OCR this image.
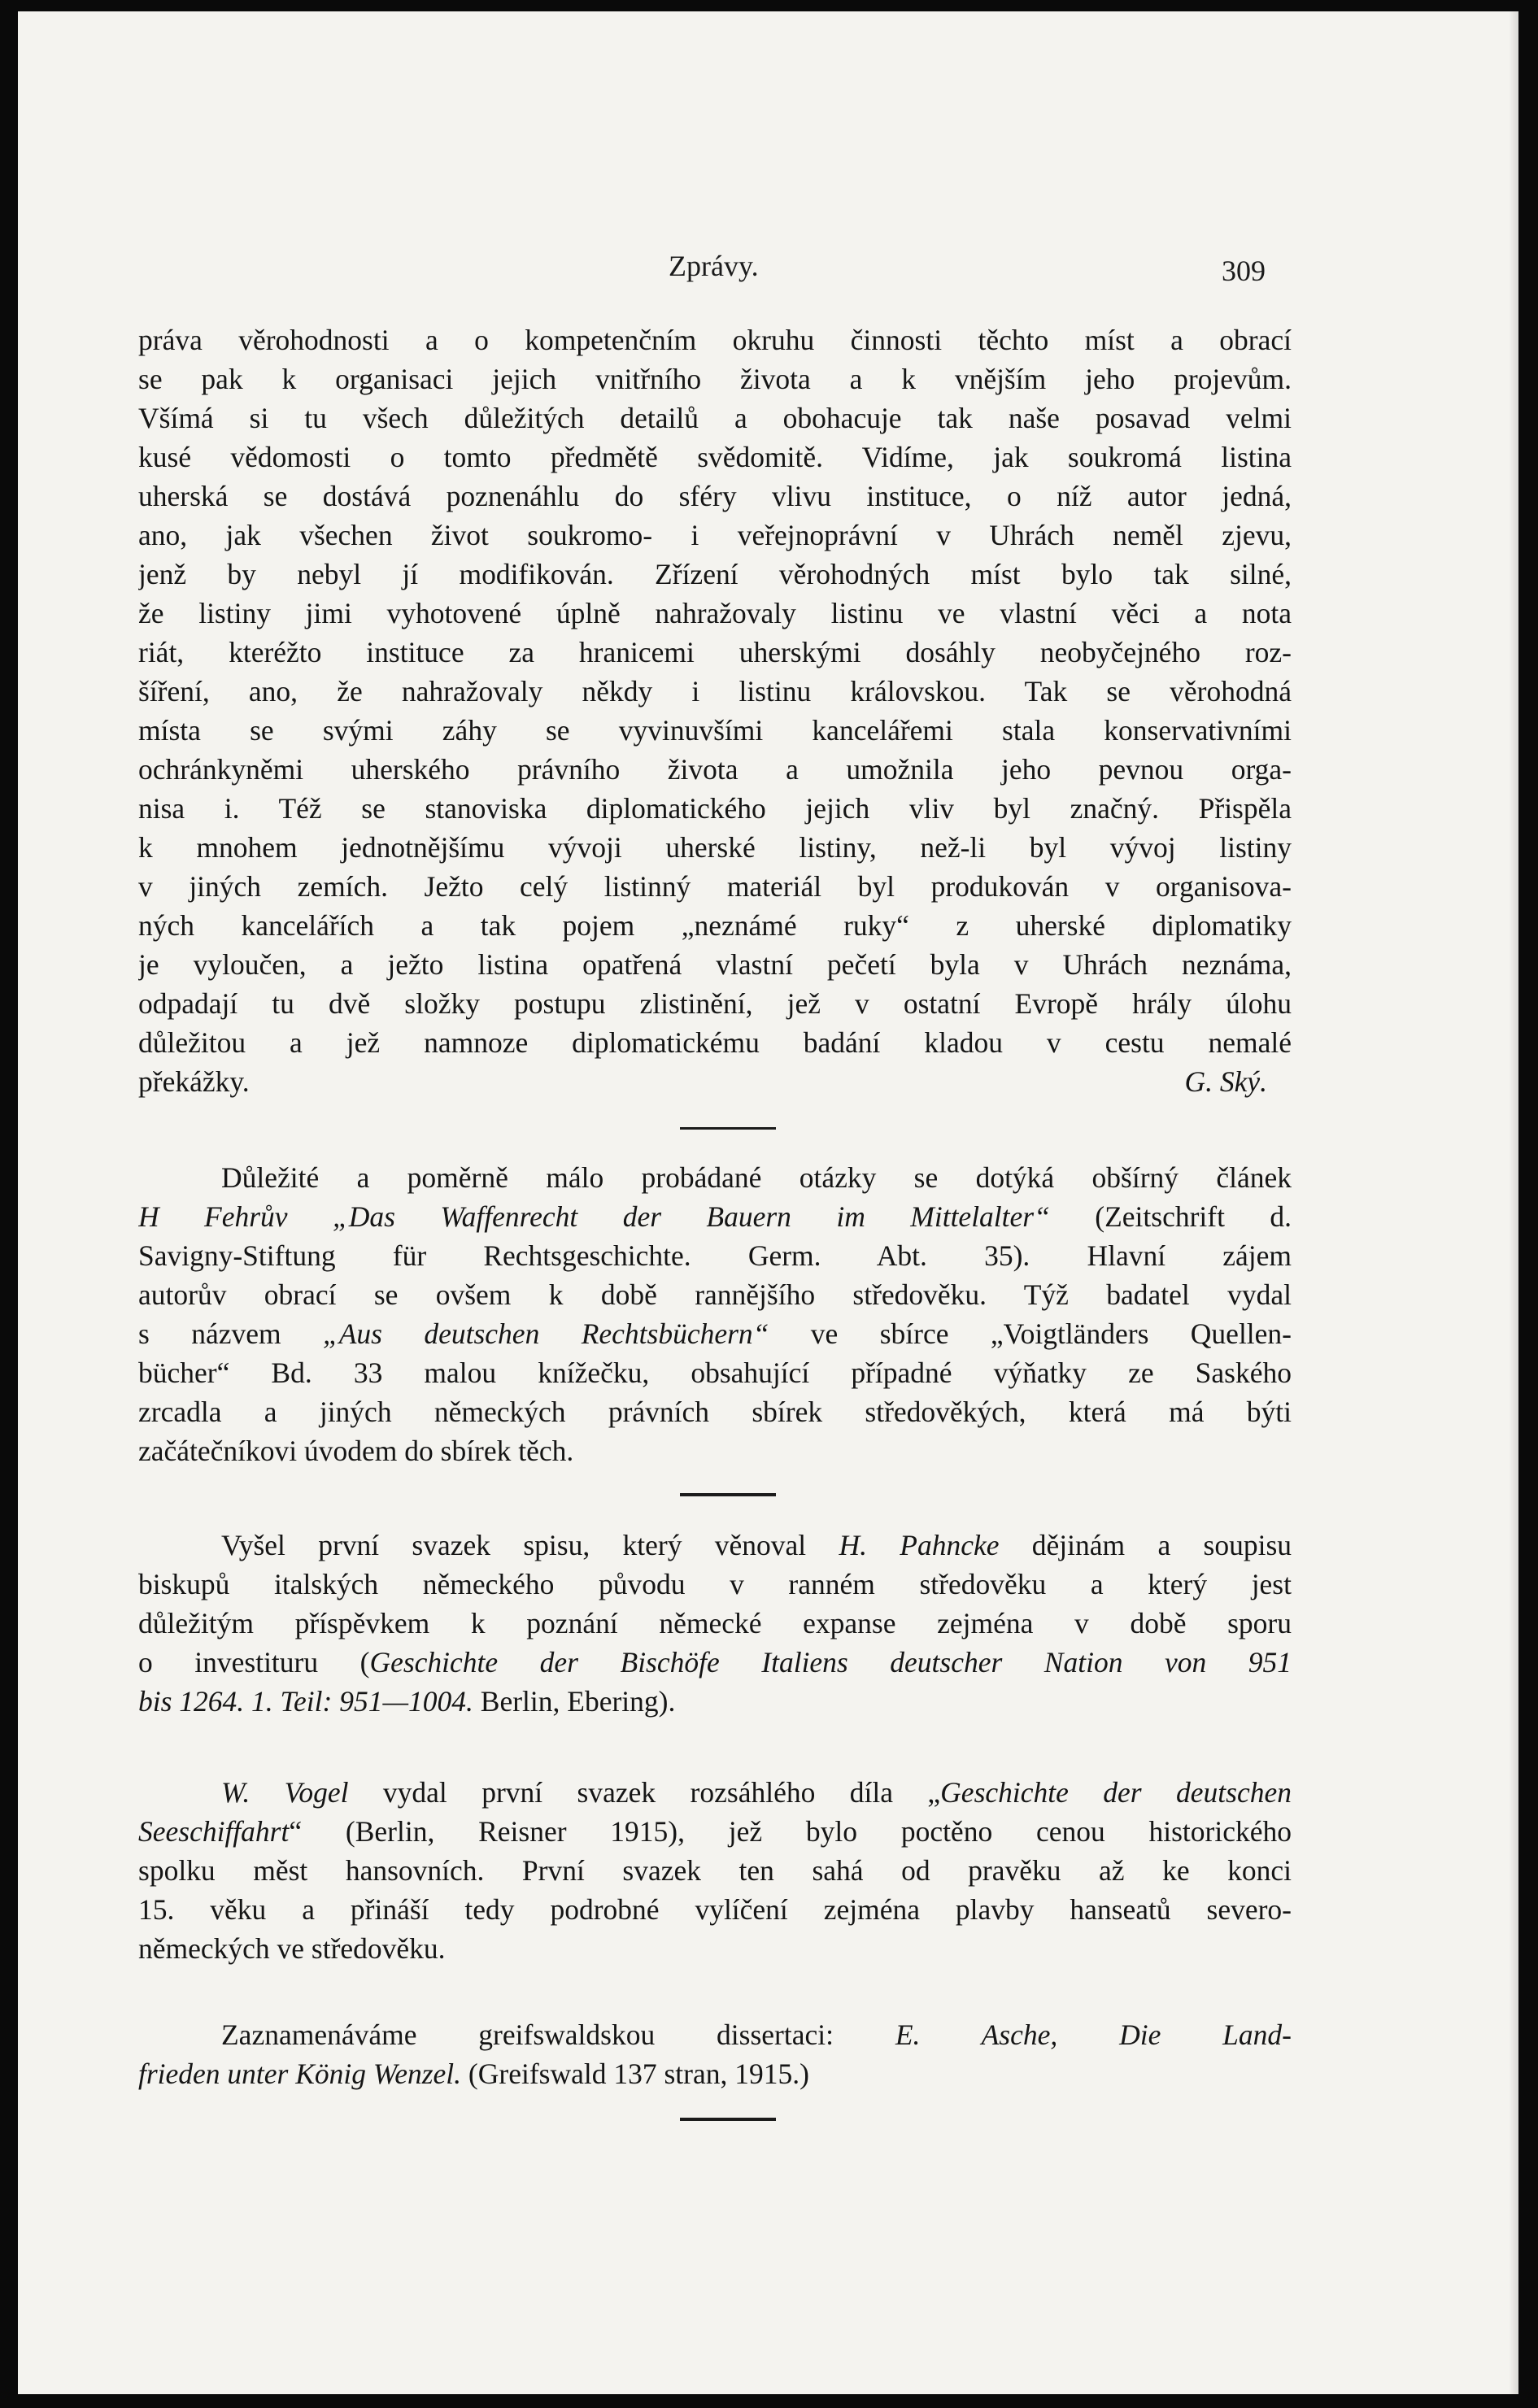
Zprávy.	309
práva věrohodnosti a o kompetenčním okruhu činnosti těchto míst a obrací
se pak k organisaci jejich vnitřního života a k vnějším jeho projevům.
Všímá si tu všech důležitých detailů a obohacuje tak naše posavad velmi
kusé vědomosti o tomto předmětě svědomitě. Vidíme, jak soukromá listina
uherská se dostává poznenáhlu do sféry vlivu instituce, o níž autor jedná,
ano, jak všechen život soukromo- i veřejnoprávní v Uhrách neměl zjevu,
jenž by nebyl jí modifikován. Zřízení věrohodných míst bylo tak silné,
že listiny jimi vyhotovené úplně nahražovaly listinu ve vlastní věci a nota
riát, kteréžto instituce za hranicemi uherskými dosáhly neobyčejného roz-
šíření, ano, že nahražovaly někdy i listinu královskou. Tak se věrohodná
místa se svými záhy se vyvinuvšími kancelářemi stala konservativními
ochránkyněmi uherského právního života a umožnila jeho pevnou orga-
nisa i. Též se stanoviska diplomatického jejich vliv byl značný. Přispěla
k mnohem jednotnějšímu vývoji uherské listiny, než-li byl vývoj listiny
v jiných zemích. Ježto celý listinný materiál byl produkován v organisova-
ných kancelářích a tak pojem „neznámé ruky“ z uherské diplomatiky
je vyloučen, a ježto listina opatřená vlastní pečetí byla v Uhrách neznáma,
odpadají tu dvě složky postupu zlistinění, jež v ostatní Evropě hrály úlohu
důležitou a jež namnoze diplomatickému badání kladou v cestu nemalé
překážky.	G. Ský.
Důležité a poměrně málo probádané otázky se dotýká obšírný článek
H Fehrův „Das Waffenrecht der Bauern im Mittelalter“ (Zeitschrift d.
Savigny-Stiftung für Rechtsgeschichte. Germ. Abt. 35). Hlavní zájem
autorův obrací se ovšem k době rannějšího středověku. Týž badatel vydal
s názvem „Aus deutschen Rechtsbüchern“ ve sbírce „Voigtländers Quellen-
bücher“ Bd. 33 malou knížečku, obsahující případné výňatky ze Saského
zrcadla a jiných německých právních sbírek středověkých, která má býti
začátečníkovi úvodem do sbírek těch.
Vyšel první svazek spisu, který věnoval H. Pahncke dějinám a soupisu
biskupů italských německého původu v ranném středověku a který jest
důležitým příspěvkem k poznání německé expanse zejména v době sporu
o investituru (Geschichte der Bischöfe Italiens deutscher Nation von 951
bis 1264. 1. Teil: 951—1004. Berlin, Ebering).
W. Vogel vydal první svazek rozsáhlého díla „Geschichte der deutschen
Seeschiffahrt“ (Berlin, Reisner 1915), jež bylo poctěno cenou historického
spolku měst hansovních. První svazek ten sahá od pravěku až ke konci
15. věku a přináší tedy podrobné vylíčení zejména plavby hanseatů severo-
německých ve středověku.
Zaznamenáváme greifswaldskou dissertaci: E. Asche, Die Land-
frieden unter König Wenzel. (Greifswald 137 stran, 1915.)
